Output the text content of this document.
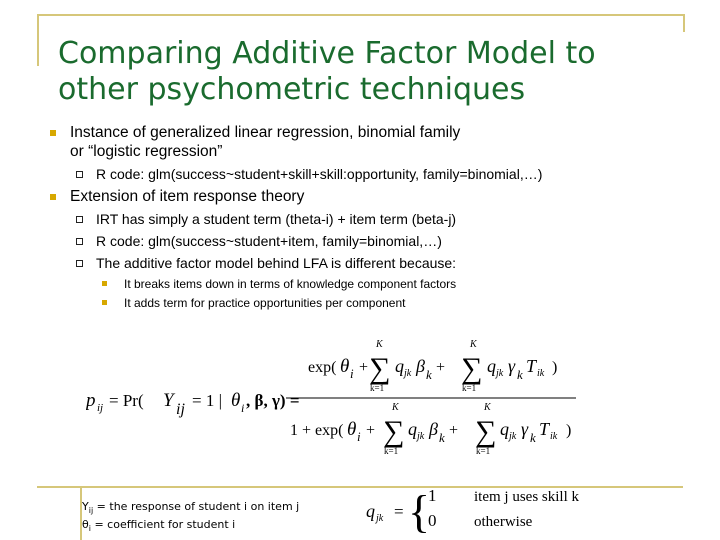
Comparing Additive Factor Model to
other psychometric techniques
Instance of generalized linear regression, binomial family
or “logistic regression”
R code: glm(success~student+skill+skill:opportunity, family=binomial,…)
Extension of item response theory
IRT has simply a student term (theta-i) + item term (beta-j)
R code: glm(success~student+item, family=binomial,…)
The additive factor model behind LFA is different because:
It breaks items down in terms of knowledge component factors
It adds term for practice opportunities per component
p ij = Pr( Y ij = 1 | θ i , β, γ) =
exp( θ i +
K
∑
k=1
q jk β k +
K
∑
k=1
q jk γ k T ik )
1 + exp( θ i +
K
∑
k=1
q jk β k +
K
∑
k=1
q jk γ k T ik )
$Y_{ij}$ = the response of student i on item j
$\theta_i$ = coefficient for student i
q jk = {
1
0
item j uses skill k
otherwise
